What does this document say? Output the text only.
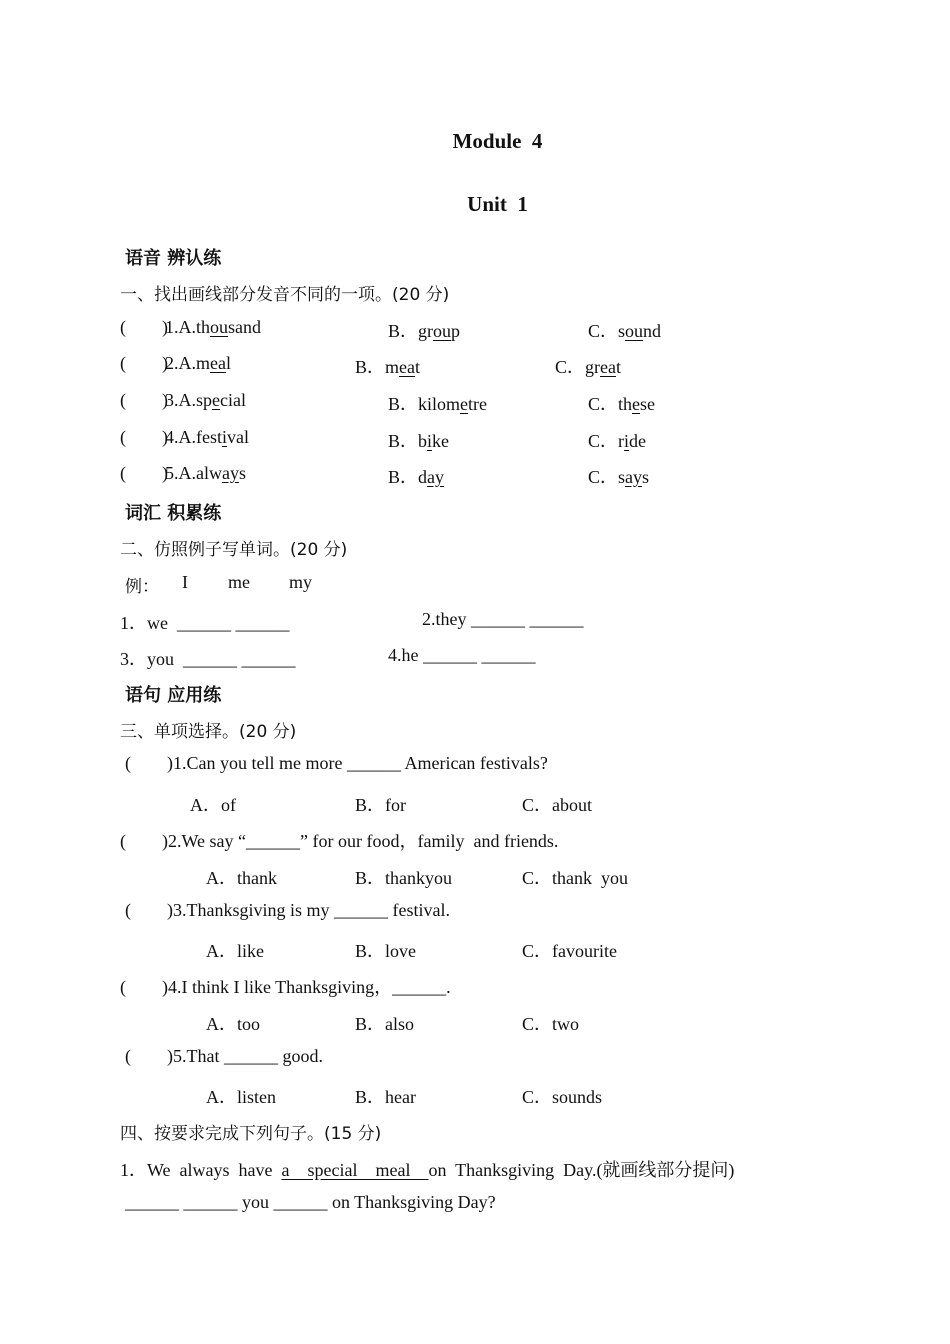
Module  4
Unit  1
语音 辨认练
一、找出画线部分发音不同的一项。(20 分)
(        )
1.A.thousand	B．group	C．sound
(        )
2.A.meal	B．meat	C．great
(        )
3.A.special	B．kilometre	C．these
(        )
4.A.festival	B．bike	C．ride
(        )
5.A.always	B．day	C．says
词汇 积累练
二、仿照例子写单词。(20 分)
例： I me my
1．we  ______ ______	2.they ______ ______
3．you  ______ ______	4.he ______ ______
语句 应用练
三、单项选择。(20 分)
(        )1.Can you tell me more ______ American festivals?
A．of	B．for	C．about
(        )2.We say “______” for our food，family  and friends.
A．thank	B．thankyou	C．thank  you
(        )3.Thanksgiving is my ______ festival.
A．like	B．love	C．favourite
(        )4.I think I like Thanksgiving，______.
A．too	B．also	C．two
(        )5.That ______ good.
A．listen	B．hear	C．sounds
四、按要求完成下列句子。(15 分)
1．We  always  have  a    special    meal    on  Thanksgiving  Day.(就画线部分提问)
______ ______ you ______ on Thanksgiving Day?
